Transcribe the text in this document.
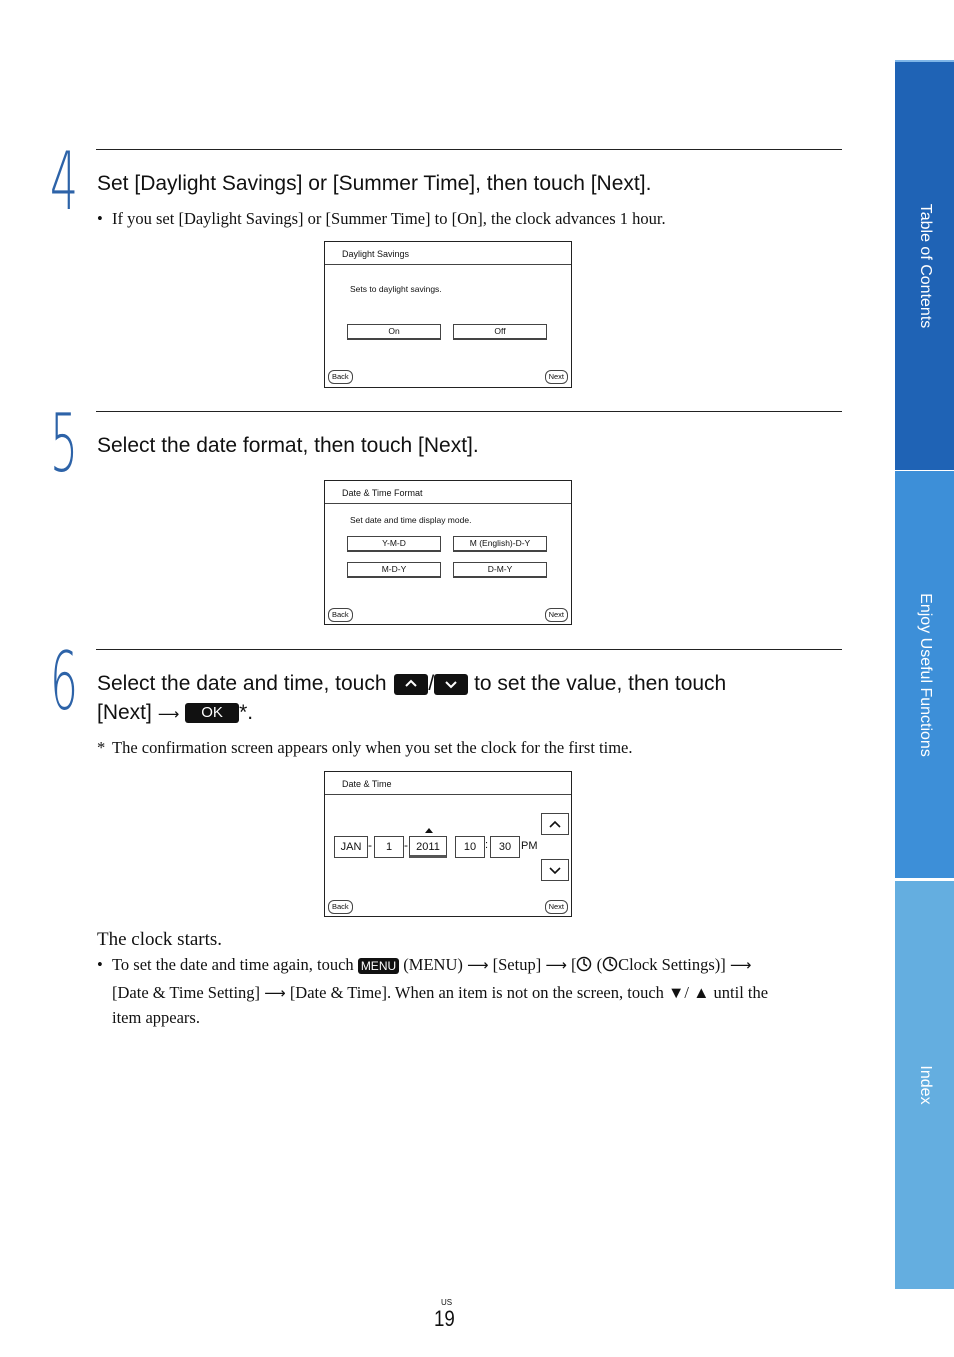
4 Set [Daylight Savings] or [Summer Time], then touch [Next].
• If you set [Daylight Savings] or [Summer Time] to [On], the clock advances 1 hour.
Daylight Savings
Sets to daylight savings.
On	Off
Back	Next
5 Select the date format, then touch [Next].
Date & Time Format
Set date and time display mode.
Y-M-D	M (English)-D-Y
M-D-Y	D-M-Y
Back	Next
6 Select the date and time, touch / to set the value, then touch
[Next] ⟶ OK *.
* The confirmation screen appears only when you set the clock for the first time.
Date & Time
JAN -	1 - 2011	10 : 30 PM
Back	Next
The clock starts.
• To set the date and time again, touch MENU (MENU) ⟶ [Setup] ⟶ [ ( Clock Settings)] ⟶
[Date & Time Setting] ⟶ [Date & Time]. When an item is not on the screen, touch ▼/ ▲ until the
item appears.
Table of Contents
Enjoy Useful Functions
Index
US
19
